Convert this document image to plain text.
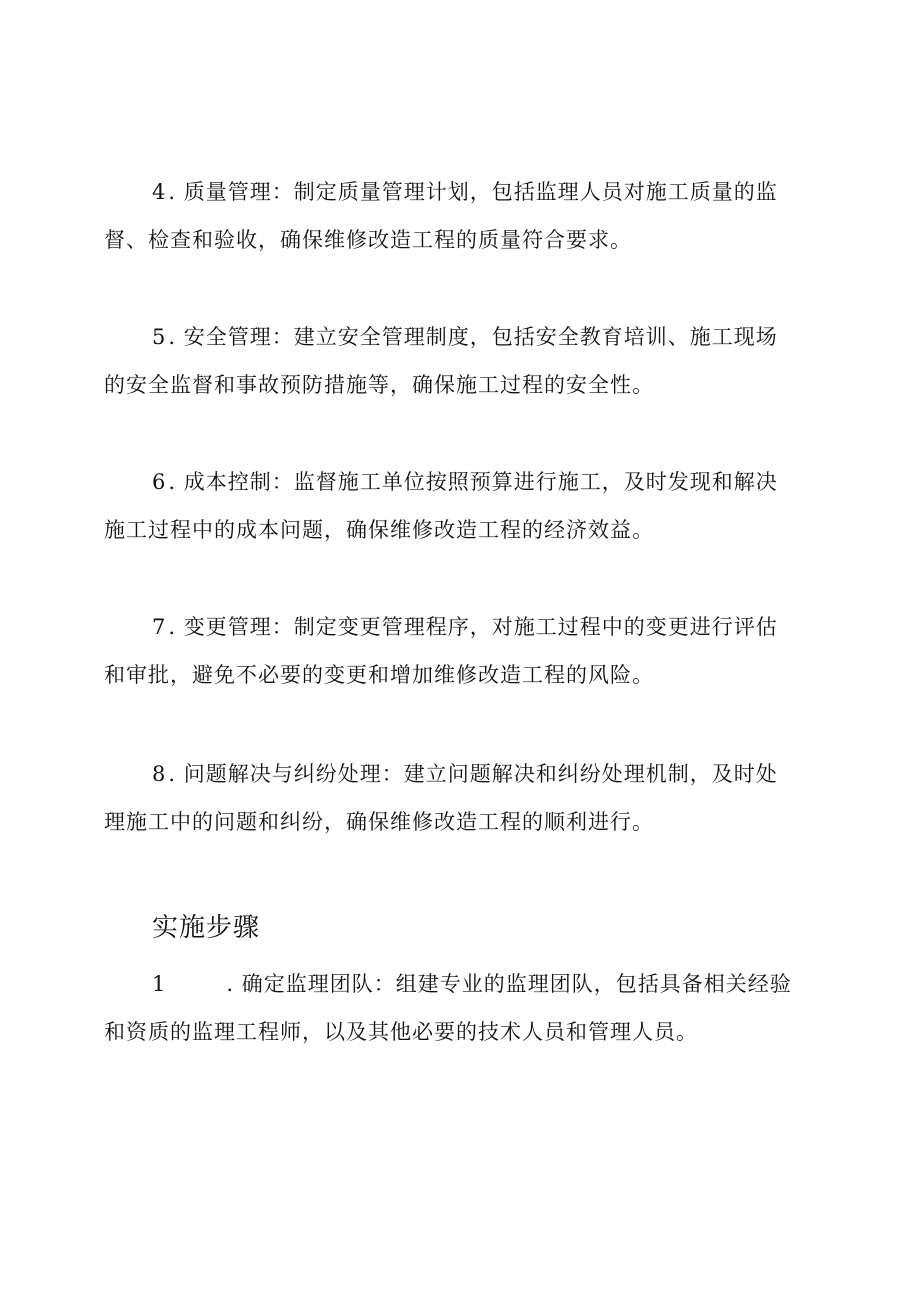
4. 质量管理：制定质量管理计划，包括监理人员对施工质量的监
督、检查和验收，确保维修改造工程的质量符合要求。
5. 安全管理：建立安全管理制度，包括安全教育培训、施工现场
的安全监督和事故预防措施等，确保施工过程的安全性。
6. 成本控制：监督施工单位按照预算进行施工，及时发现和解决
施工过程中的成本问题，确保维修改造工程的经济效益。
7. 变更管理：制定变更管理程序，对施工过程中的变更进行评估
和审批，避免不必要的变更和增加维修改造工程的风险。
8. 问题解决与纠纷处理：建立问题解决和纠纷处理机制，及时处
理施工中的问题和纠纷，确保维修改造工程的顺利进行。
实施步骤
1	. 确定监理团队：组建专业的监理团队，包括具备相关经验
和资质的监理工程师，以及其他必要的技术人员和管理人员。
